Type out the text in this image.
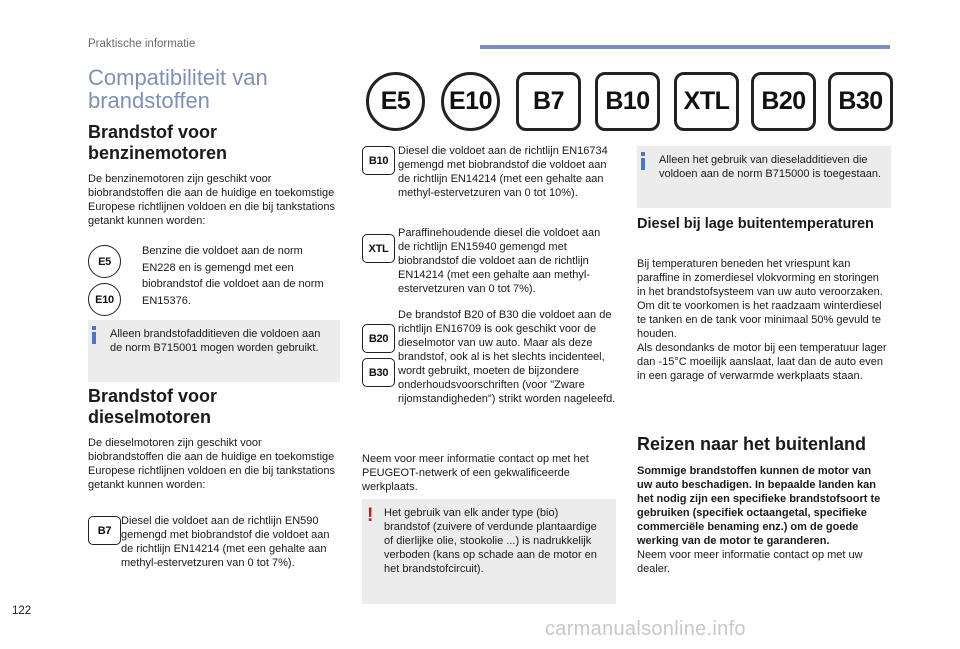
Praktische informatie
Compatibiliteit van brandstoffen	E5	E10	B7	B10	XTL	B20	B30
Brandstof voor benzinemotoren
De benzinemotoren zijn geschikt voor biobrandstoffen die aan de huidige en toekomstige Europese richtlijnen voldoen en die bij tankstations getankt kunnen worden:
E5
E10
Benzine die voldoet aan de norm EN228 en is gemengd met een biobrandstof die voldoet aan de norm EN15376.
Alleen brandstofadditieven die voldoen aan de norm B715001 mogen worden gebruikt.
Brandstof voor dieselmotoren
De dieselmotoren zijn geschikt voor biobrandstoffen die aan de huidige en toekomstige Europese richtlijnen voldoen en die bij tankstations getankt kunnen worden:
B7
Diesel die voldoet aan de richtlijn EN590 gemengd met biobrandstof die voldoet aan de richtlijn EN14214 (met een gehalte aan methyl-estervetzuren van 0 tot 7%).
B10
Diesel die voldoet aan de richtlijn EN16734 gemengd met biobrandstof die voldoet aan de richtlijn EN14214 (met een gehalte aan methyl-estervetzuren van 0 tot 10%).
XTL
Paraffinehoudende diesel die voldoet aan de richtlijn EN15940 gemengd met biobrandstof die voldoet aan de richtlijn EN14214 (met een gehalte aan methyl-estervetzuren van 0 tot 7%).
B20
B30
De brandstof B20 of B30 die voldoet aan de richtlijn EN16709 is ook geschikt voor de dieselmotor van uw auto. Maar als deze brandstof, ook al is het slechts incidenteel, wordt gebruikt, moeten de bijzondere onderhoudsvoorschriften (voor "Zware rijomstandigheden") strikt worden nageleefd.
Neem voor meer informatie contact op met het PEUGEOT-netwerk of een gekwalificeerde werkplaats.
! Het gebruik van elk ander type (bio) brandstof (zuivere of verdunde plantaardige of dierlijke olie, stookolie ...) is nadrukkelijk verboden (kans op schade aan de motor en het brandstofcircuit).
Alleen het gebruik van dieseladditieven die voldoen aan de norm B715000 is toegestaan.
Diesel bij lage buitentemperaturen
Bij temperaturen beneden het vriespunt kan paraffine in zomerdiesel vlokvorming en storingen in het brandstofsysteem van uw auto veroorzaken. Om dit te voorkomen is het raadzaam winterdiesel te tanken en de tank voor minimaal 50% gevuld te houden.
Als desondanks de motor bij een temperatuur lager dan -15°C moeilijk aanslaat, laat dan de auto even in een garage of verwarmde werkplaats staan.
Reizen naar het buitenland
Sommige brandstoffen kunnen de motor van uw auto beschadigen. In bepaalde landen kan het nodig zijn een specifieke brandstofsoort te gebruiken (specifiek octaangetal, specifieke commerciële benaming enz.) om de goede werking van de motor te garanderen.
Neem voor meer informatie contact op met uw dealer.
122
carmanualsonline.info
